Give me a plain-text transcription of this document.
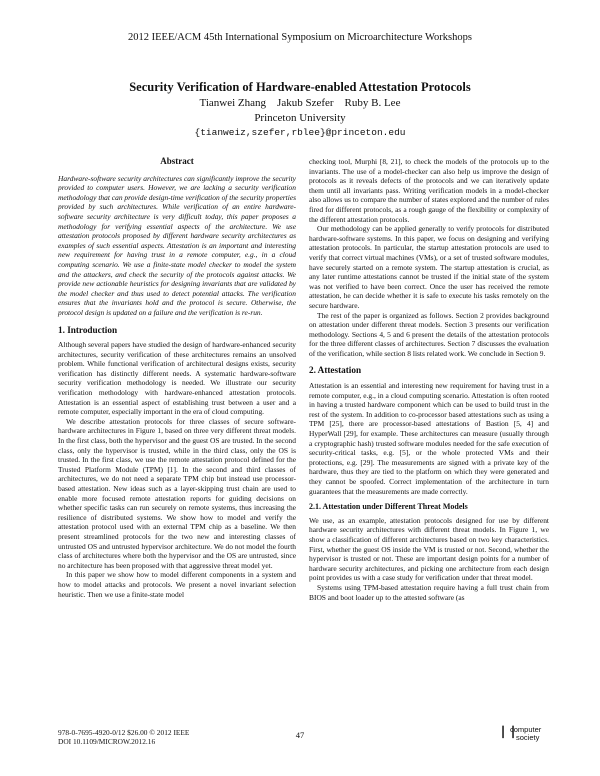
2012 IEEE/ACM 45th International Symposium on Microarchitecture Workshops
Security Verification of Hardware-enabled Attestation Protocols
Tianwei Zhang    Jakub Szefer    Ruby B. Lee
Princeton University
{tianweiz,szefer,rblee}@princeton.edu
Abstract

Hardware-software security architectures can significantly improve the security provided to computer users. However, we are lacking a security verification methodology that can provide design-time verification of the security properties provided by such architectures. While verification of an entire hardware-software security architecture is very difficult today, this paper proposes a methodology for verifying essential aspects of the architecture. We use attestation protocols proposed by different hardware security architectures as examples of such essential aspects. Attestation is an important and interesting new requirement for having trust in a remote computer, e.g., in a cloud computing scenario. We use a finite-state model checker to model the system and the attackers, and check the security of the protocols against attacks. We provide new actionable heuristics for designing invariants that are validated by the model checker and thus used to detect potential attacks. The verification ensures that the invariants hold and the protocol is secure. Otherwise, the protocol design is updated on a failure and the verification is re-run.

1. Introduction

Although several papers have studied the design of hardware-enhanced security architectures, security verification of these architectures remains an unsolved problem. While functional verification of architectural designs exists, security verification has distinctly different needs. A systematic hardware-software security verification methodology is needed. We illustrate our security verification methodology with hardware-enhanced attestation protocols. Attestation is an essential aspect of establishing trust between a user and a remote computer, especially important in the era of cloud computing.

We describe attestation protocols for three classes of secure software-hardware architectures in Figure 1, based on three very different threat models. In the first class, both the hypervisor and the guest OS are trusted. In the second class, only the hypervisor is trusted, while in the third class, only the OS is trusted. In the first class, we use the remote attestation protocol defined for the Trusted Platform Module (TPM) [1]. In the second and third classes of architectures, we do not need a separate TPM chip but instead use processor-based attestation. New ideas such as a layer-skipping trust chain are used to enable more focused remote attestation reports for guiding decisions on whether specific tasks can run securely on remote systems, thus increasing the resilience of distributed systems. We show how to model and verify the attestation protocol used with an external TPM chip as a baseline. We then present streamlined protocols for the two new and interesting classes of untrusted OS and untrusted hypervisor architecture. We do not model the fourth class of architectures where both the hypervisor and the OS are untrusted, since no architecture has been proposed with that aggressive threat model yet.

In this paper we show how to model different components in a system and how to model attacks and protocols. We present a novel invariant selection heuristic. Then we use a finite-state model

checking tool, Murphi [8, 21], to check the models of the protocols up to the invariants. The use of a model-checker can also help us improve the design of protocols as it reveals defects of the protocols and we can iteratively update them until all invariants pass. Writing verification models in a model-checker also allows us to compare the number of states explored and the number of rules fired for different protocols, as a rough gauge of the flexibility or complexity of the different attestation protocols.

Our methodology can be applied generally to verify protocols for distributed hardware-software systems. In this paper, we focus on designing and verifying attestation protocols. In particular, the startup attestation protocols are used to verify that correct virtual machines (VMs), or a set of trusted software modules, have securely started on a remote system. The startup attestation is crucial, as any later runtime attestations cannot be trusted if the initial state of the system was not verified to have been correct. Once the user has received the remote attestation, he can decide whether it is safe to execute his tasks remotely on the secure hardware.

The rest of the paper is organized as follows. Section 2 provides background on attestation under different threat models. Section 3 presents our verification methodology. Sections 4, 5 and 6 present the details of the attestation protocols for the three different classes of architectures. Section 7 discusses the evaluation of the verification, while section 8 lists related work. We conclude in Section 9.

2. Attestation

Attestation is an essential and interesting new requirement for having trust in a remote computer, e.g., in a cloud computing scenario. Attestation is often rooted in having a trusted hardware component which can be used to build trust in the rest of the system. In addition to co-processor based attestations such as using a TPM [25], there are processor-based attestations of Bastion [5, 4] and HyperWall [29], for example. These architectures can measure (usually through a cryptographic hash) trusted software modules needed for the safe execution of security-critical tasks, e.g. [5], or the whole protected VMs and their protections, e.g. [29]. The measurements are signed with a private key of the hardware, thus they are tied to the platform on which they were generated and they cannot be spoofed. Correct implementation of the architecture in turn guarantees that the measurements are made correctly.

2.1. Attestation under Different Threat Models

We use, as an example, attestation protocols designed for use by different hardware security architectures with different threat models. In Figure 1, we show a classification of different architectures based on two key characteristics. First, whether the guest OS inside the VM is trusted or not. Second, whether the hypervisor is trusted or not. These are important design points for a number of hardware security architectures, and picking one architecture from each design point provides us with a case study for verification under that threat model.

Systems using TPM-based attestation require having a full trust chain from BIOS and boot loader up to the attested software (as

978-0-7695-4920-0/12 $26.00 © 2012 IEEE
DOI 10.1109/MICROW.2012.16
47	❘❘
computer
society
